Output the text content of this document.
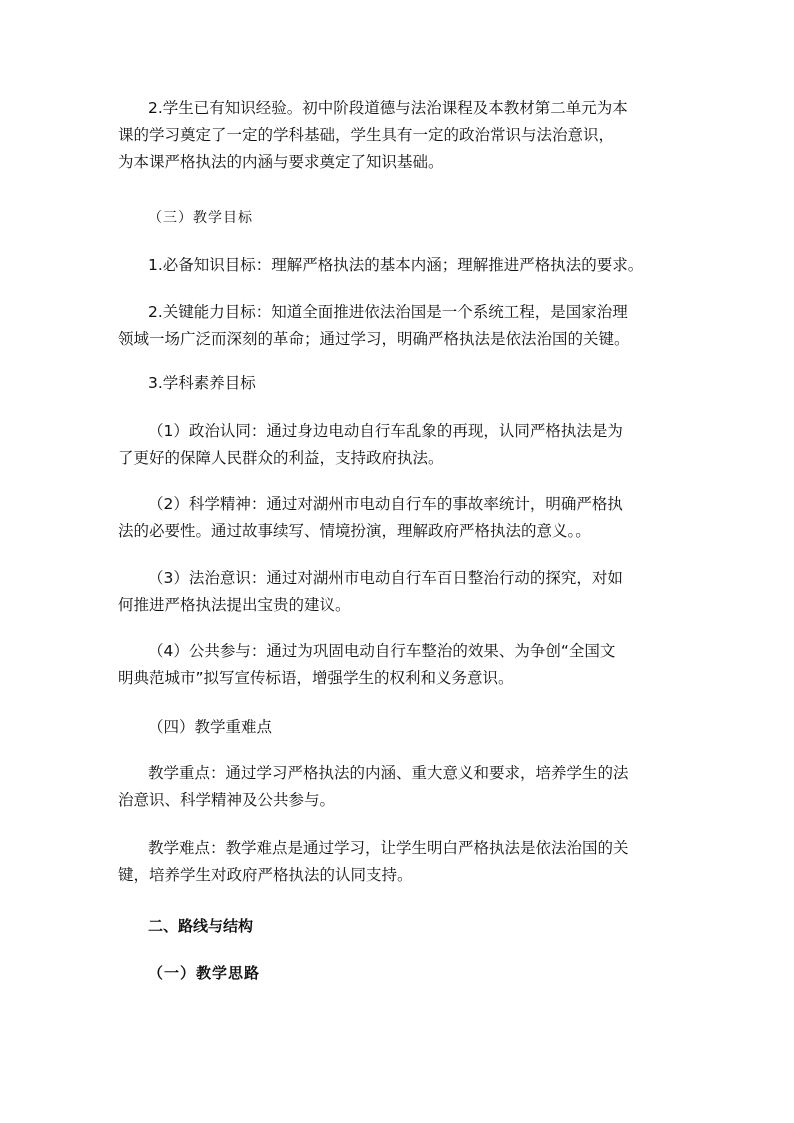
2.学生已有知识经验。初中阶段道德与法治课程及本教材第二单元为本
课的学习奠定了一定的学科基础，学生具有一定的政治常识与法治意识，
为本课严格执法的内涵与要求奠定了知识基础。
（三）教学目标
1.必备知识目标：理解严格执法的基本内涵；理解推进严格执法的要求。
2.关键能力目标：知道全面推进依法治国是一个系统工程，是国家治理
领域一场广泛而深刻的革命；通过学习，明确严格执法是依法治国的关键。
3.学科素养目标
（1）政治认同：通过身边电动自行车乱象的再现，认同严格执法是为
了更好的保障人民群众的利益，支持政府执法。
（2）科学精神：通过对湖州市电动自行车的事故率统计，明确严格执
法的必要性。通过故事续写、情境扮演，理解政府严格执法的意义。。
（3）法治意识：通过对湖州市电动自行车百日整治行动的探究，对如
何推进严格执法提出宝贵的建议。
（4）公共参与：通过为巩固电动自行车整治的效果、为争创“全国文
明典范城市”拟写宣传标语，增强学生的权利和义务意识。
（四）教学重难点
教学重点：通过学习严格执法的内涵、重大意义和要求，培养学生的法
治意识、科学精神及公共参与。
教学难点：教学难点是通过学习，让学生明白严格执法是依法治国的关
键，培养学生对政府严格执法的认同支持。
二、路线与结构
（一）教学思路
